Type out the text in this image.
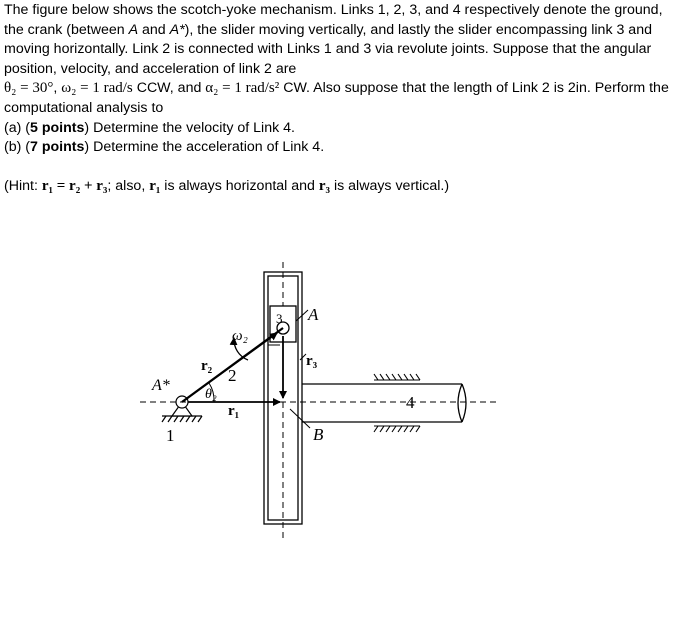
The figure below shows the scotch-yoke mechanism. Links 1, 2, 3, and 4 respectively denote the ground, the crank (between A and A*), the slider moving vertically, and lastly the slider encompassing link 3 and moving horizontally. Link 2 is connected with Links 1 and 3 via revolute joints. Suppose that the angular position, velocity, and acceleration of link 2 are
θ₂ = 30°, ω₂ = 1 rad/s CCW, and α₂ = 1 rad/s² CW. Also suppose that the length of Link 2 is 2in. Perform the computational analysis to

(a) (5 points) Determine the velocity of Link 4.

(b) (7 points) Determine the acceleration of Link 4.

(Hint: r₁ = r₂ + r₃; also, r₁ is always horizontal and r₃ is always vertical.)

A
A*
B
1
2
3
4
r₁
r₂	r₃
ω₂
θ₂
